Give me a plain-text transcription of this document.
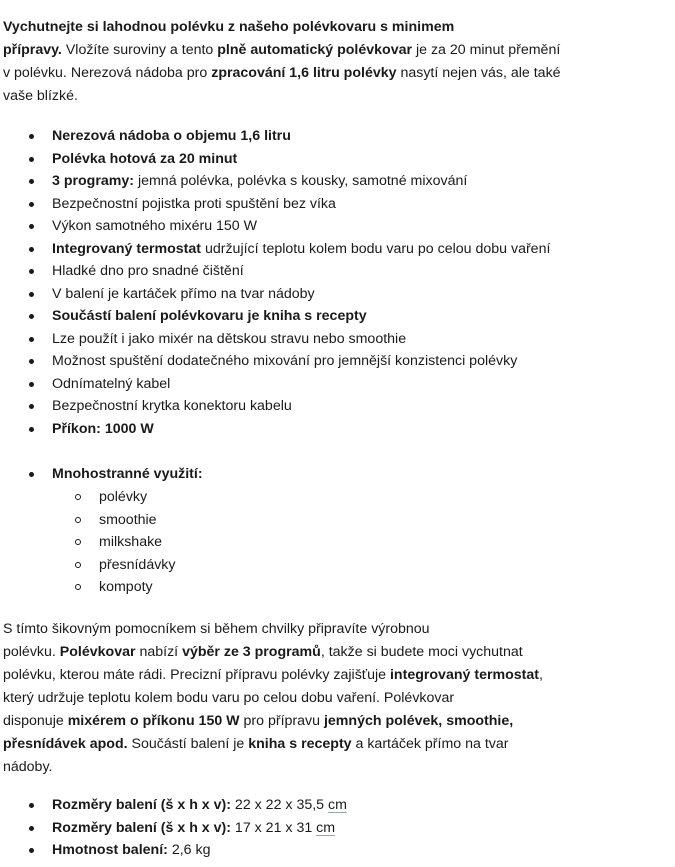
Vychutnejte si lahodnou polévku z našeho polévkovaru s minimem
přípravy. Vložíte suroviny a tento plně automatický polévkovar je za 20 minut přemění
v polévku. Nerezová nádoba pro zpracování 1,6 litru polévky nasytí nejen vás, ale také
vaše blízké.

Nerezová nádoba o objemu 1,6 litru
Polévka hotová za 20 minut
3 programy: jemná polévka, polévka s kousky, samotné mixování
Bezpečnostní pojistka proti spuštění bez víka
Výkon samotného mixéru 150 W
Integrovaný termostat udržující teplotu kolem bodu varu po celou dobu vaření
Hladké dno pro snadné čištění
V balení je kartáček přímo na tvar nádoby
Součástí balení polévkovaru je kniha s recepty
Lze použít i jako mixér na dětskou stravu nebo smoothie
Možnost spuštění dodatečného mixování pro jemnější konzistenci polévky
Odnímatelný kabel
Bezpečnostní krytka konektoru kabelu
Příkon: 1000 W
Mnohostranné využití:
polévky
smoothie
milkshake
přesnídávky
kompoty

S tímto šikovným pomocníkem si během chvilky připravíte výrobnou
polévku. Polévkovar nabízí výběr ze 3 programů, takže si budete moci vychutnat
polévku, kterou máte rádi. Precizní přípravu polévky zajišťuje integrovaný termostat,
který udržuje teplotu kolem bodu varu po celou dobu vaření. Polévkovar
disponuje mixérem o příkonu 150 W pro přípravu jemných polévek, smoothie,
přesnídávek apod. Součástí balení je kniha s recepty a kartáček přímo na tvar
nádoby.

Rozměry balení (š x h x v): 22 x 22 x 35,5 cm
Rozměry balení (š x h x v): 17 x 21 x 31 cm
Hmotnost balení: 2,6 kg
